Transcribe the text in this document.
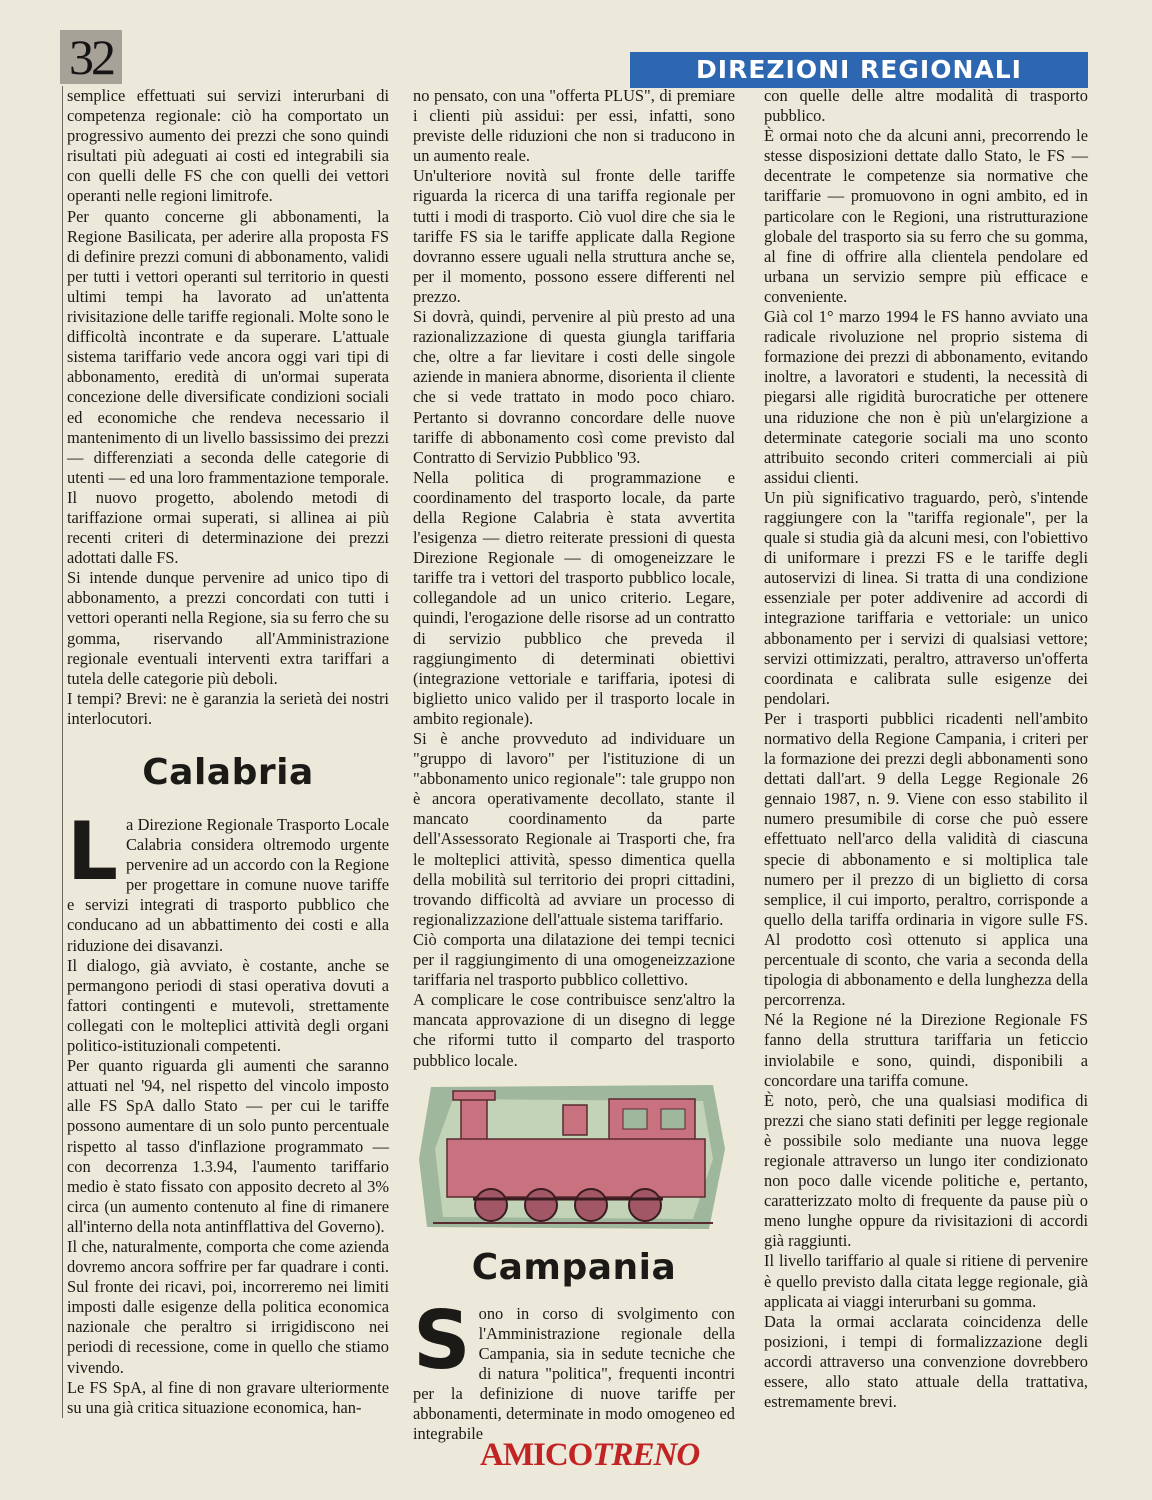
32	DIREZIONI REGIONALI

semplice effettuati sui servizi interurbani di competenza regionale: ciò ha comportato un progressivo aumento dei prezzi che sono quindi risultati più adeguati ai costi ed integrabili sia con quelli delle FS che con quelli dei vettori operanti nelle regioni limitrofe.

Per quanto concerne gli abbonamenti, la Regione Basilicata, per aderire alla proposta FS di definire prezzi comuni di abbonamento, validi per tutti i vettori operanti sul territorio in questi ultimi tempi ha lavorato ad un'attenta rivisitazione delle tariffe regionali. Molte sono le difficoltà incontrate e da superare. L'attuale sistema tariffario vede ancora oggi vari tipi di abbonamento, eredità di un'ormai superata concezione delle diversificate condizioni sociali ed economiche che rendeva necessario il mantenimento di un livello bassissimo dei prezzi — differenziati a seconda delle categorie di utenti — ed una loro frammentazione temporale. Il nuovo progetto, abolendo metodi di tariffazione ormai superati, si allinea ai più recenti criteri di determinazione dei prezzi adottati dalle FS.

Si intende dunque pervenire ad unico tipo di abbonamento, a prezzi concordati con tutti i vettori operanti nella Regione, sia su ferro che su gomma, riservando all'Amministrazione regionale eventuali interventi extra tariffari a tutela delle categorie più deboli.

I tempi? Brevi: ne è garanzia la serietà dei nostri interlocutori.

Calabria

La Direzione Regionale Trasporto Locale Calabria considera oltremodo urgente pervenire ad un accordo con la Regione per progettare in comune nuove tariffe e servizi integrati di trasporto pubblico che conducano ad un abbattimento dei costi e alla riduzione dei disavanzi.

Il dialogo, già avviato, è costante, anche se permangono periodi di stasi operativa dovuti a fattori contingenti e mutevoli, strettamente collegati con le molteplici attività degli organi politico-istituzionali competenti.

Per quanto riguarda gli aumenti che saranno attuati nel '94, nel rispetto del vincolo imposto alle FS SpA dallo Stato — per cui le tariffe possono aumentare di un solo punto percentuale rispetto al tasso d'inflazione programmato — con decorrenza 1.3.94, l'aumento tariffario medio è stato fissato con apposito decreto al 3% circa (un aumento contenuto al fine di rimanere all'interno della nota antinfflattiva del Governo).

Il che, naturalmente, comporta che come azienda dovremo ancora soffrire per far quadrare i conti. Sul fronte dei ricavi, poi, incorreremo nei limiti imposti dalle esigenze della politica economica nazionale che peraltro si irrigidiscono nei periodi di recessione, come in quello che stiamo vivendo.

Le FS SpA, al fine di non gravare ulteriormente su una già critica situazione economica, han-

no pensato, con una "offerta PLUS", di premiare i clienti più assidui: per essi, infatti, sono previste delle riduzioni che non si traducono in un aumento reale.

Un'ulteriore novità sul fronte delle tariffe riguarda la ricerca di una tariffa regionale per tutti i modi di trasporto. Ciò vuol dire che sia le tariffe FS sia le tariffe applicate dalla Regione dovranno essere uguali nella struttura anche se, per il momento, possono essere differenti nel prezzo.

Si dovrà, quindi, pervenire al più presto ad una razionalizzazione di questa giungla tariffaria che, oltre a far lievitare i costi delle singole aziende in maniera abnorme, disorienta il cliente che si vede trattato in modo poco chiaro. Pertanto si dovranno concordare delle nuove tariffe di abbonamento così come previsto dal Contratto di Servizio Pubblico '93.

Nella politica di programmazione e coordinamento del trasporto locale, da parte della Regione Calabria è stata avvertita l'esigenza — dietro reiterate pressioni di questa Direzione Regionale — di omogeneizzare le tariffe tra i vettori del trasporto pubblico locale, collegandole ad un unico criterio. Legare, quindi, l'erogazione delle risorse ad un contratto di servizio pubblico che preveda il raggiungimento di determinati obiettivi (integrazione vettoriale e tariffaria, ipotesi di biglietto unico valido per il trasporto locale in ambito regionale).

Si è anche provveduto ad individuare un "gruppo di lavoro" per l'istituzione di un "abbonamento unico regionale": tale gruppo non è ancora operativamente decollato, stante il mancato coordinamento da parte dell'Assessorato Regionale ai Trasporti che, fra le molteplici attività, spesso dimentica quella della mobilità sul territorio dei propri cittadini, trovando difficoltà ad avviare un processo di regionalizzazione dell'attuale sistema tariffario.

Ciò comporta una dilatazione dei tempi tecnici per il raggiungimento di una omogeneizzazione tariffaria nel trasporto pubblico collettivo.

A complicare le cose contribuisce senz'altro la mancata approvazione di un disegno di legge che riformi tutto il comparto del trasporto pubblico locale.

Campania

Sono in corso di svolgimento con l'Amministrazione regionale della Campania, sia in sedute tecniche che di natura "politica", frequenti incontri per la definizione di nuove tariffe per abbonamenti, determinate in modo omogeneo ed integrabile

con quelle delle altre modalità di trasporto pubblico.

È ormai noto che da alcuni anni, precorrendo le stesse disposizioni dettate dallo Stato, le FS — decentrate le competenze sia normative che tariffarie — promuovono in ogni ambito, ed in particolare con le Regioni, una ristrutturazione globale del trasporto sia su ferro che su gomma, al fine di offrire alla clientela pendolare ed urbana un servizio sempre più efficace e conveniente.

Già col 1° marzo 1994 le FS hanno avviato una radicale rivoluzione nel proprio sistema di formazione dei prezzi di abbonamento, evitando inoltre, a lavoratori e studenti, la necessità di piegarsi alle rigidità burocratiche per ottenere una riduzione che non è più un'elargizione a determinate categorie sociali ma uno sconto attribuito secondo criteri commerciali ai più assidui clienti.

Un più significativo traguardo, però, s'intende raggiungere con la "tariffa regionale", per la quale si studia già da alcuni mesi, con l'obiettivo di uniformare i prezzi FS e le tariffe degli autoservizi di linea. Si tratta di una condizione essenziale per poter addivenire ad accordi di integrazione tariffaria e vettoriale: un unico abbonamento per i servizi di qualsiasi vettore; servizi ottimizzati, peraltro, attraverso un'offerta coordinata e calibrata sulle esigenze dei pendolari.

Per i trasporti pubblici ricadenti nell'ambito normativo della Regione Campania, i criteri per la formazione dei prezzi degli abbonamenti sono dettati dall'art. 9 della Legge Regionale 26 gennaio 1987, n. 9. Viene con esso stabilito il numero presumibile di corse che può essere effettuato nell'arco della validità di ciascuna specie di abbonamento e si moltiplica tale numero per il prezzo di un biglietto di corsa semplice, il cui importo, peraltro, corrisponde a quello della tariffa ordinaria in vigore sulle FS. Al prodotto così ottenuto si applica una percentuale di sconto, che varia a seconda della tipologia di abbonamento e della lunghezza della percorrenza.

Né la Regione né la Direzione Regionale FS fanno della struttura tariffaria un feticcio inviolabile e sono, quindi, disponibili a concordare una tariffa comune.

È noto, però, che una qualsiasi modifica di prezzi che siano stati definiti per legge regionale è possibile solo mediante una nuova legge regionale attraverso un lungo iter condizionato non poco dalle vicende politiche e, pertanto, caratterizzato molto di frequente da pause più o meno lunghe oppure da rivisitazioni di accordi già raggiunti.

Il livello tariffario al quale si ritiene di pervenire è quello previsto dalla citata legge regionale, già applicata ai viaggi interurbani su gomma.

Data la ormai acclarata coincidenza delle posizioni, i tempi di formalizzazione degli accordi attraverso una convenzione dovrebbero essere, allo stato attuale della trattativa, estremamente brevi.

AMICOTRENO
